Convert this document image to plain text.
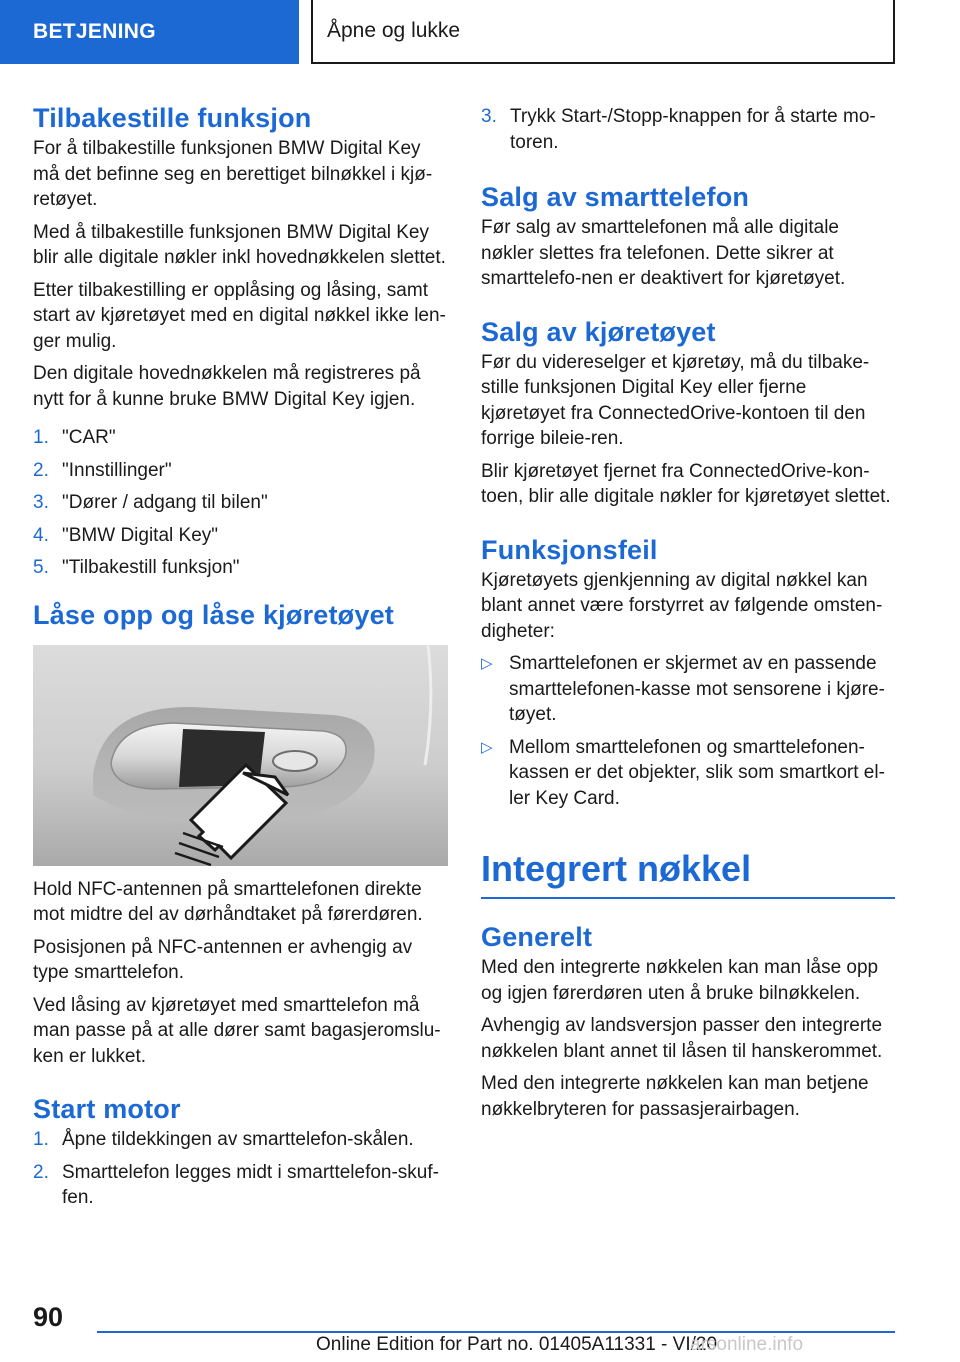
BETJENING	Åpne og lukke
Tilbakestille funksjon

For å tilbakestille funksjonen BMW Digital Key må det befinne seg en berettiget bilnøkkel i kjø-retøyet.

Med å tilbakestille funksjonen BMW Digital Key blir alle digitale nøkler inkl hovednøkkelen slettet.

Etter tilbakestilling er opplåsing og låsing, samt start av kjøretøyet med en digital nøkkel ikke len-ger mulig.

Den digitale hovednøkkelen må registreres på nytt for å kunne bruke BMW Digital Key igjen.

1. "CAR"
2. "Innstillinger"
3. "Dører / adgang til bilen"
4. "BMW Digital Key"
5. "Tilbakestill funksjon"
Låse opp og låse kjøretøyet

Hold NFC-antennen på smarttelefonen direkte mot midtre del av dørhåndtaket på førerdøren.

Posisjonen på NFC-antennen er avhengig av type smarttelefon.

Ved låsing av kjøretøyet med smarttelefon må man passe på at alle dører samt bagasjeromslu-ken er lukket.

Start motor
1. Åpne tildekkingen av smarttelefon-skålen.
2. Smarttelefon legges midt i smarttelefon-skuf-fen.
3. Trykk Start-/Stopp-knappen for å starte mo-toren.
Salg av smarttelefon

Før salg av smarttelefonen må alle digitale nøkler slettes fra telefonen. Dette sikrer at smarttelefo-nen er deaktivert for kjøretøyet.

Salg av kjøretøyet

Før du videreselger et kjøretøy, må du tilbake-stille funksjonen Digital Key eller fjerne kjøretøyet fra ConnectedOrive-kontoen til den forrige bileie-ren.

Blir kjøretøyet fjernet fra ConnectedOrive-kon-toen, blir alle digitale nøkler for kjøretøyet slettet.

Funksjonsfeil

Kjøretøyets gjenkjenning av digital nøkkel kan blant annet være forstyrret av følgende omsten-digheter:

▷ Smarttelefonen er skjermet av en passende smarttelefonen-kasse mot sensorene i kjøre-tøyet.
▷ Mellom smarttelefonen og smarttelefonen-kassen er det objekter, slik som smartkort el-ler Key Card.
Integrert nøkkel
Generelt

Med den integrerte nøkkelen kan man låse opp og igjen førerdøren uten å bruke bilnøkkelen.

Avhengig av landsversjon passer den integrerte nøkkelen blant annet til låsen til hanskerommet.

Med den integrerte nøkkelen kan man betjene nøkkelbryteren for passasjerairbagen.

90
Online Edition for Part no. 01405A11331 - VI/20
arsonline.info
